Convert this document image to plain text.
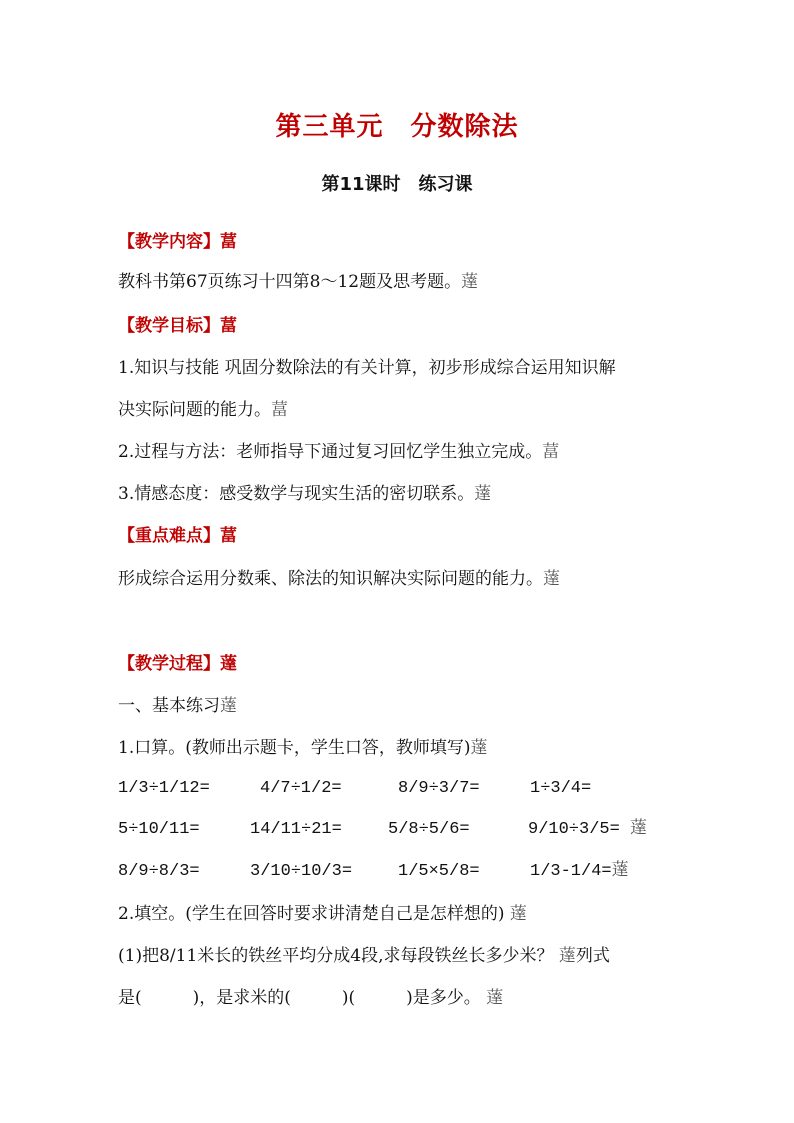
第三单元　分数除法
第11课时　练习课
【教学内容】葍
教科书第67页练习十四第8～12题及思考题。薘
【教学目标】葍
1.知识与技能 巩固分数除法的有关计算，初步形成综合运用知识解
决实际问题的能力。葍
2.过程与方法：老师指导下通过复习回忆学生独立完成。葍
3.情感态度：感受数学与现实生活的密切联系。薘
【重点难点】葍
形成综合运用分数乘、除法的知识解决实际问题的能力。薘
【教学过程】薘
一、基本练习薘
1.口算。(教师出示题卡，学生口答，教师填写)薘
1/3÷1/12=	4/7÷1/2=	8/9÷3/7=	1÷3/4=
5÷10/11=	14/11÷21=	5/8÷5/6=	9/10÷3/5= 薘
8/9÷8/3=	3/10÷10/3=	1/5×5/8=	1/3-1/4=薘
2.填空。(学生在回答时要求讲清楚自己是怎样想的) 薘
(1)把8/11米长的铁丝平均分成4段,求每段铁丝长多少米？ 薘列式
是(　　　)，是求米的(　　　)(　　　)是多少。 薘
